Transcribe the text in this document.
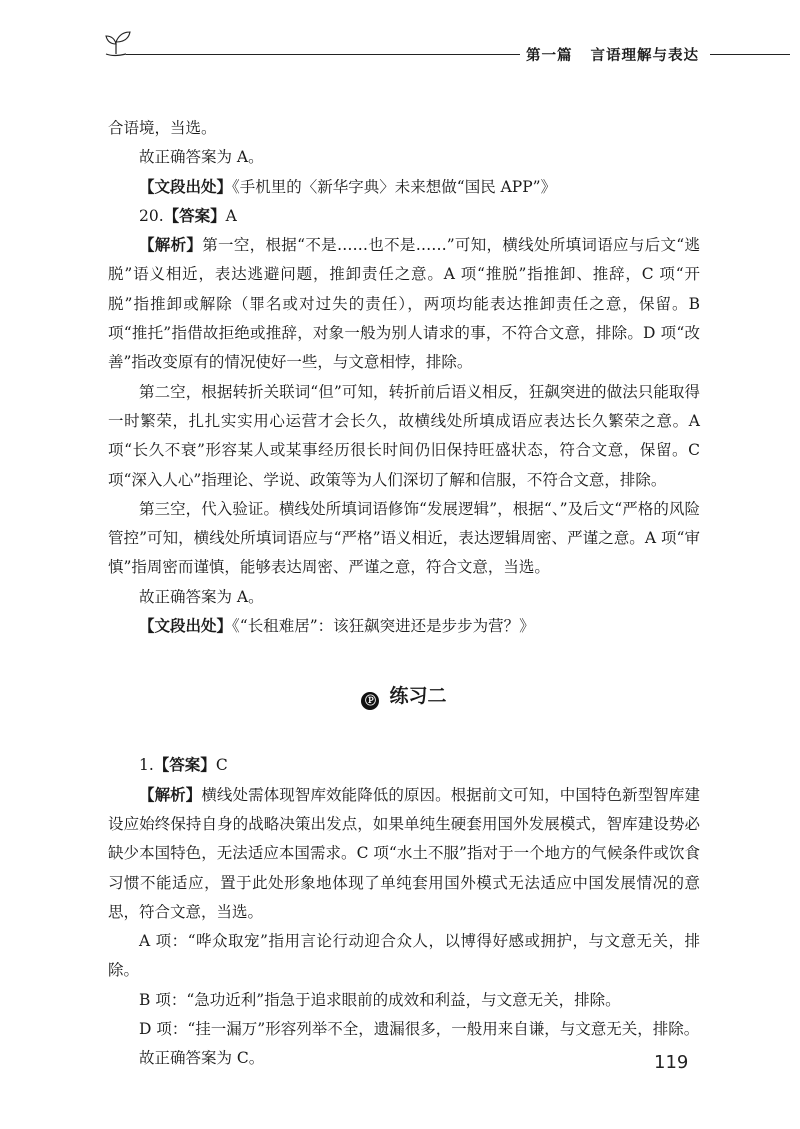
第一篇 言语理解与表达

合语境，当选。

故正确答案为 A。

【文段出处】《手机里的〈新华字典〉未来想做“国民 APP”》

20.【答案】A

【解析】第一空，根据“不是……也不是……”可知，横线处所填词语应与后文“逃脱”语义相近，表达逃避问题，推卸责任之意。A 项“推脱”指推卸、推辞，C 项“开脱”指推卸或解除（罪名或对过失的责任），两项均能表达推卸责任之意，保留。B 项“推托”指借故拒绝或推辞，对象一般为别人请求的事，不符合文意，排除。D 项“改善”指改变原有的情况使好一些，与文意相悖，排除。

第二空，根据转折关联词“但”可知，转折前后语义相反，狂飙突进的做法只能取得一时繁荣，扎扎实实用心运营才会长久，故横线处所填成语应表达长久繁荣之意。A 项“长久不衰”形容某人或某事经历很长时间仍旧保持旺盛状态，符合文意，保留。C 项“深入人心”指理论、学说、政策等为人们深切了解和信服，不符合文意，排除。

第三空，代入验证。横线处所填词语修饰“发展逻辑”，根据“、”及后文“严格的风险管控”可知，横线处所填词语应与“严格”语义相近，表达逻辑周密、严谨之意。A 项“审慎”指周密而谨慎，能够表达周密、严谨之意，符合文意，当选。

故正确答案为 A。

【文段出处】《“长租难居”：该狂飙突进还是步步为营？》

Ⓟ 练习二

1.【答案】C

【解析】横线处需体现智库效能降低的原因。根据前文可知，中国特色新型智库建设应始终保持自身的战略决策出发点，如果单纯生硬套用国外发展模式，智库建设势必缺少本国特色，无法适应本国需求。C 项“水土不服”指对于一个地方的气候条件或饮食习惯不能适应，置于此处形象地体现了单纯套用国外模式无法适应中国发展情况的意思，符合文意，当选。

A 项：“哗众取宠”指用言论行动迎合众人，以博得好感或拥护，与文意无关，排除。

B 项：“急功近利”指急于追求眼前的成效和利益，与文意无关，排除。

D 项：“挂一漏万”形容列举不全，遗漏很多，一般用来自谦，与文意无关，排除。

故正确答案为 C。	119
